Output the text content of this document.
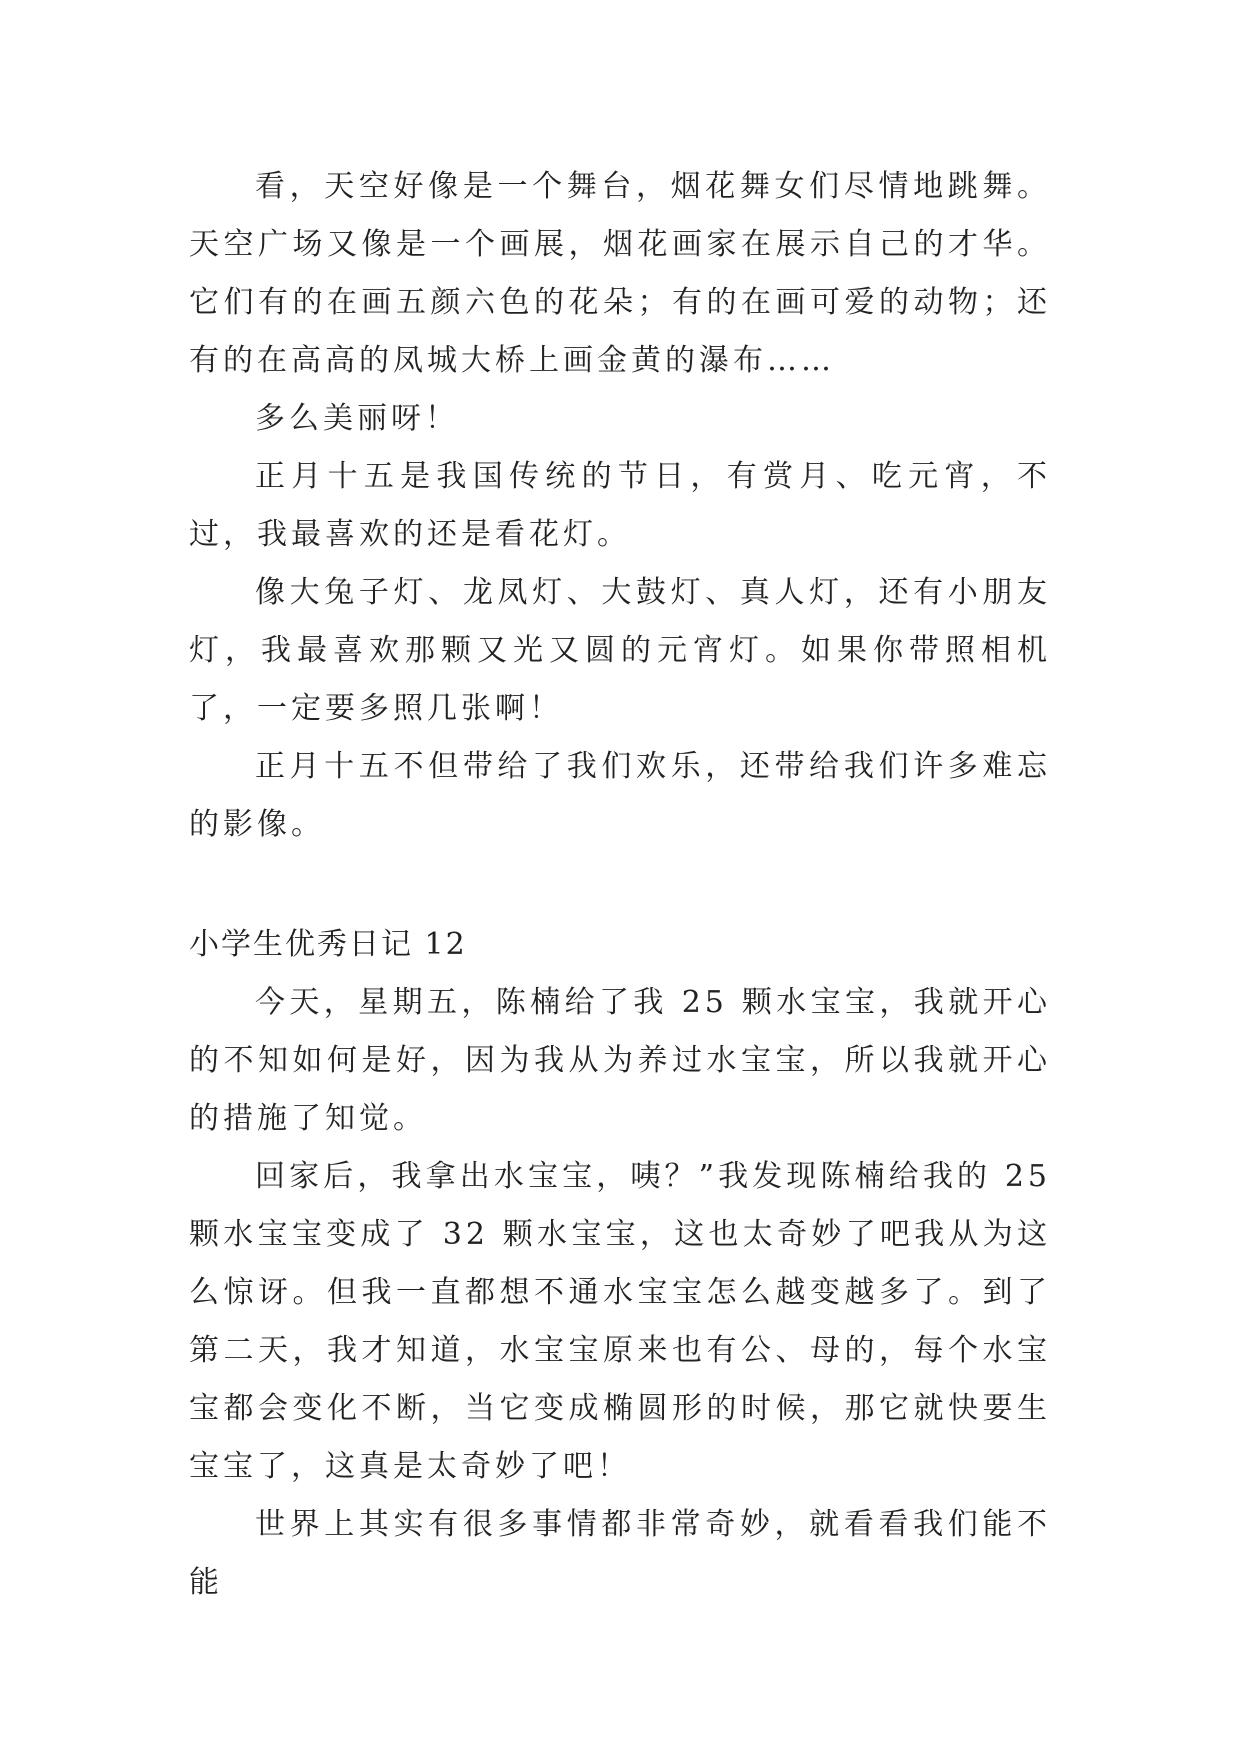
看，天空好像是一个舞台，烟花舞女们尽情地跳舞。天空广场又像是一个画展，烟花画家在展示自己的才华。它们有的在画五颜六色的花朵；有的在画可爱的动物；还有的在高高的凤城大桥上画金黄的瀑布……

多么美丽呀！

正月十五是我国传统的节日，有赏月、吃元宵，不过，我最喜欢的还是看花灯。

像大兔子灯、龙凤灯、大鼓灯、真人灯，还有小朋友灯，我最喜欢那颗又光又圆的元宵灯。如果你带照相机了，一定要多照几张啊！

正月十五不但带给了我们欢乐，还带给我们许多难忘的影像。

小学生优秀日记 12

今天，星期五，陈楠给了我 25 颗水宝宝，我就开心的不知如何是好，因为我从为养过水宝宝，所以我就开心的措施了知觉。

回家后，我拿出水宝宝，咦？”我发现陈楠给我的 25 颗水宝宝变成了 32 颗水宝宝，这也太奇妙了吧我从为这么惊讶。但我一直都想不通水宝宝怎么越变越多了。到了第二天，我才知道，水宝宝原来也有公、母的，每个水宝宝都会变化不断，当它变成椭圆形的时候，那它就快要生宝宝了，这真是太奇妙了吧！

世界上其实有很多事情都非常奇妙，就看看我们能不能
